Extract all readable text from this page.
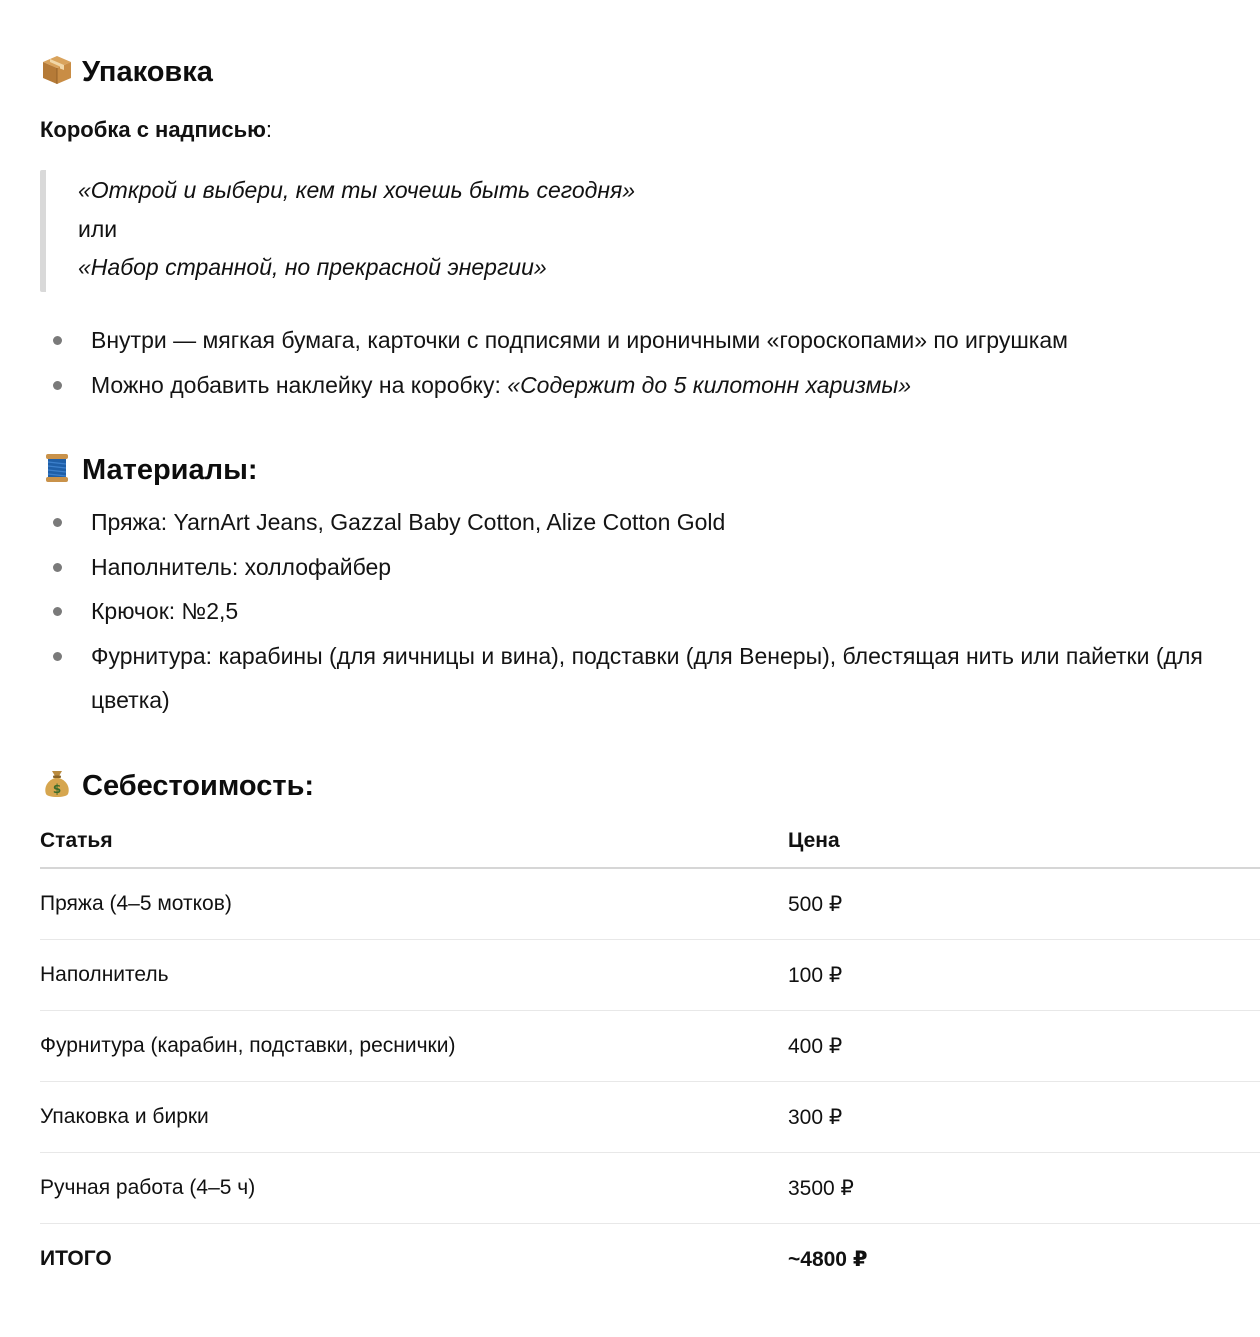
Упаковка
Коробка с надписью:
«Открой и выбери, кем ты хочешь быть сегодня»
или
«Набор странной, но прекрасной энергии»
Внутри — мягкая бумага, карточки с подписями и ироничными «гороскопами» по игрушкам
Можно добавить наклейку на коробку: «Содержит до 5 килотонн харизмы»
Материалы:
Пряжа: YarnArt Jeans, Gazzal Baby Cotton, Alize Cotton Gold
Наполнитель: холлофайбер
Крючок: №2,5
Фурнитура: карабины (для яичницы и вина), подставки (для Венеры), блестящая нить или пайетки (для цветка)
$ Себестоимость:
Статья	Цена
Пряжа (4–5 мотков)	500 ₽
Наполнитель	100 ₽
Фурнитура (карабин, подставки, реснички)	400 ₽
Упаковка и бирки	300 ₽
Ручная работа (4–5 ч)	3500 ₽
ИТОГО	~4800 ₽
